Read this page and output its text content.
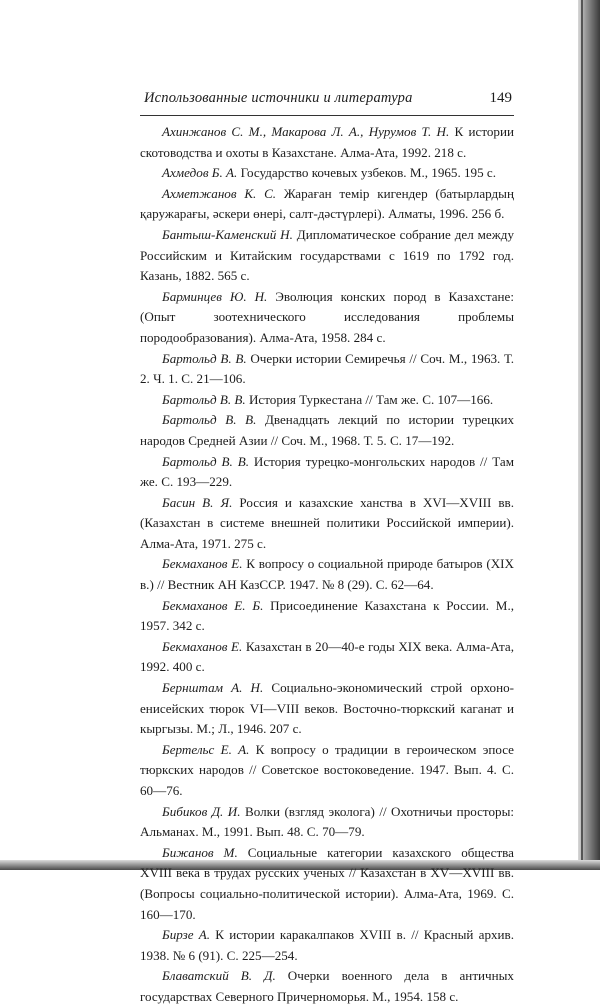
Использованные источники и литература	149
Ахинжанов С. М., Макарова Л. А., Нурумов Т. Н. К истории скотоводства и охоты в Казахстане. Алма-Ата, 1992. 218 с.
Ахмедов Б. А. Государство кочевых узбеков. М., 1965. 195 с.
Ахметжанов К. С. Жараған темір кигендер (батырлардың қаружарағы, әскери өнері, салт-дәстүрлері). Алматы, 1996. 256 б.
Бантыш-Каменский Н. Дипломатическое собрание дел между Российским и Китайским государствами с 1619 по 1792 год. Казань, 1882. 565 с.
Барминцев Ю. Н. Эволюция конских пород в Казахстане: (Опыт зоотехнического исследования проблемы породообразования). Алма-Ата, 1958. 284 с.
Бартольд В. В. Очерки истории Семиречья // Соч. М., 1963. Т. 2. Ч. 1. С. 21—106.
Бартольд В. В. История Туркестана // Там же. С. 107—166.
Бартольд В. В. Двенадцать лекций по истории турецких народов Средней Азии // Соч. М., 1968. Т. 5. С. 17—192.
Бартольд В. В. История турецко-монгольских народов // Там же. С. 193—229.
Басин В. Я. Россия и казахские ханства в XVI—XVIII вв. (Казахстан в системе внешней политики Российской империи). Алма-Ата, 1971. 275 с.
Бекмаханов Е. К вопросу о социальной природе батыров (XIX в.) // Вестник АН КазССР. 1947. № 8 (29). С. 62—64.
Бекмаханов Е. Б. Присоединение Казахстана к России. М., 1957. 342 с.
Бекмаханов Е. Казахстан в 20—40-е годы XIX века. Алма-Ата, 1992. 400 с.
Бернштам А. Н. Социально-экономический строй орхоно-енисейских тюрок VI—VIII веков. Восточно-тюркский каганат и кыргызы. М.; Л., 1946. 207 с.
Бертельс Е. А. К вопросу о традиции в героическом эпосе тюркских народов // Советское востоковедение. 1947. Вып. 4. С. 60—76.
Бибиков Д. И. Волки (взгляд эколога) // Охотничьи просторы: Альманах. М., 1991. Вып. 48. С. 70—79.
Бижанов М. Социальные категории казахского общества XVIII века в трудах русских ученых // Казахстан в XV—XVIII вв. (Вопросы социально-политической истории). Алма-Ата, 1969. С. 160—170.
Бирзе А. К истории каракалпаков XVIII в. // Красный архив. 1938. № 6 (91). С. 225—254.
Блаватский В. Д. Очерки военного дела в античных государствах Северного Причерноморья. М., 1954. 158 с.
